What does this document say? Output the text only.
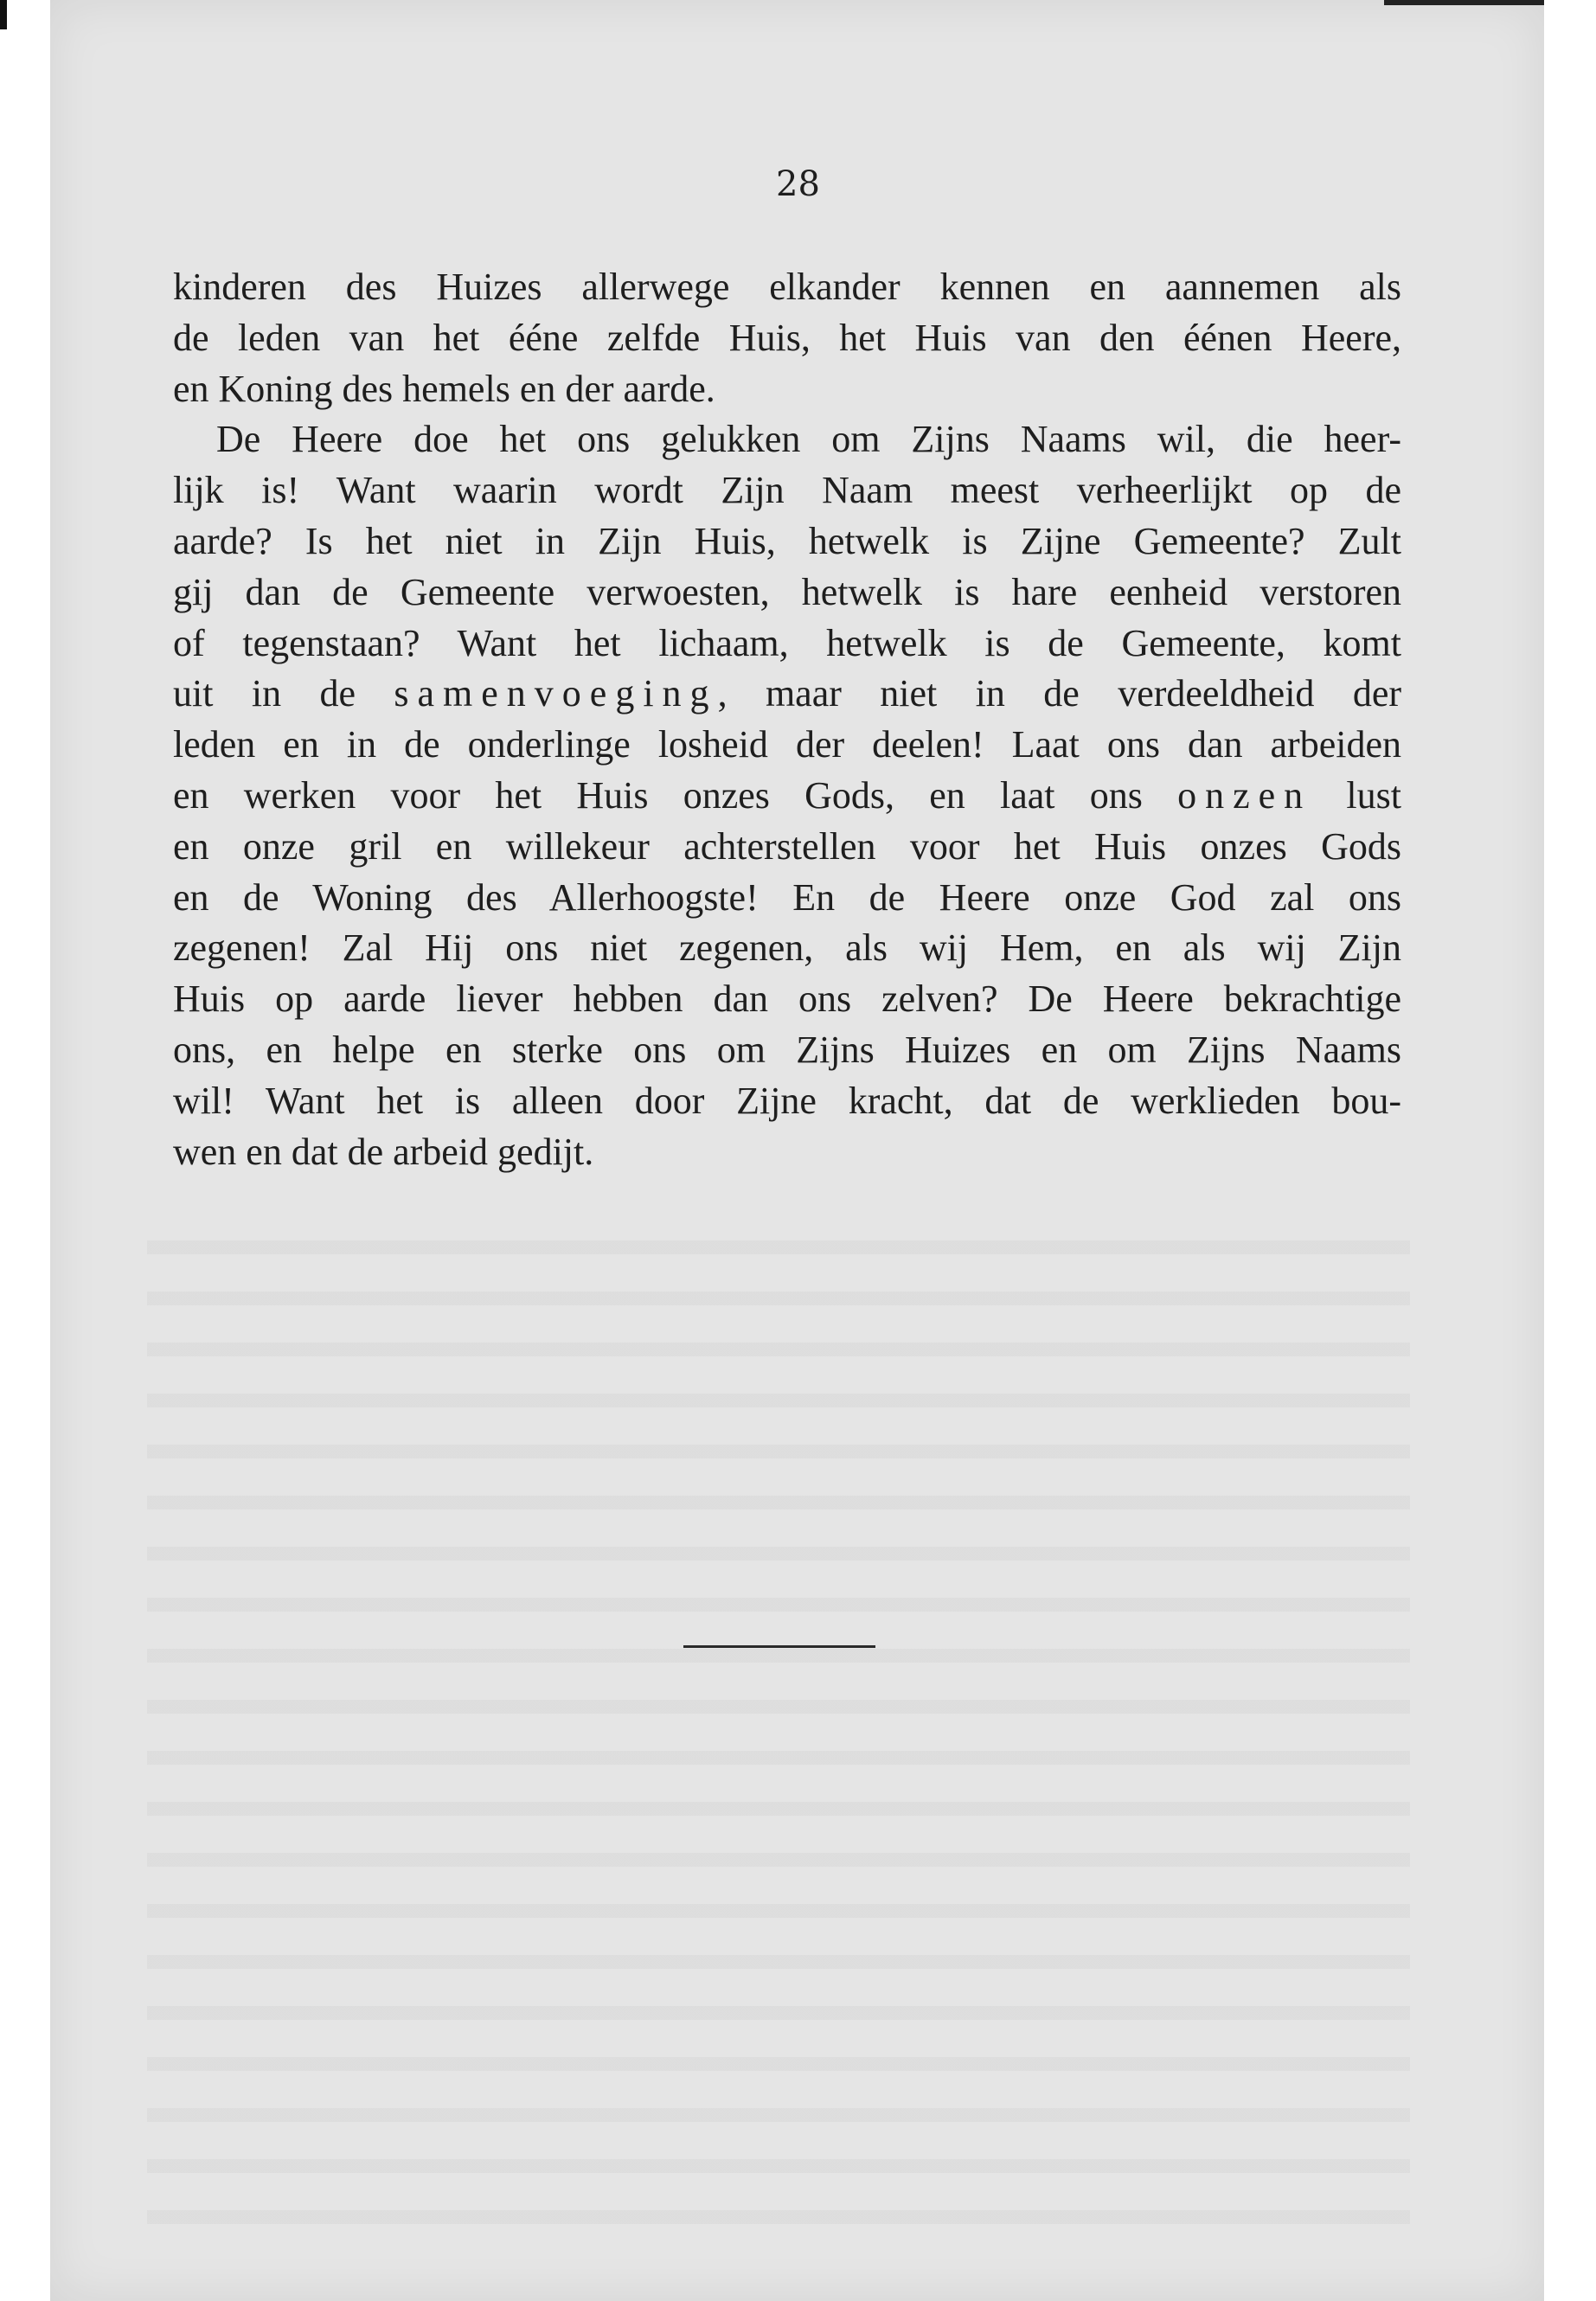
28

kinderen des Huizes allerwege elkander kennen en aannemen als

de leden van het ééne zelfde Huis, het Huis van den éénen Heere,

en Koning des hemels en der aarde.

De Heere doe het ons gelukken om Zijns Naams wil, die heer-

lijk is! Want waarin wordt Zijn Naam meest verheerlijkt op de

aarde? Is het niet in Zijn Huis, hetwelk is Zijne Gemeente? Zult

gij dan de Gemeente verwoesten, hetwelk is hare eenheid verstoren

of tegenstaan? Want het lichaam, hetwelk is de Gemeente, komt

uit in de samenvoeging, maar niet in de verdeeldheid der

leden en in de onderlinge losheid der deelen! Laat ons dan arbeiden

en werken voor het Huis onzes Gods, en laat ons onzen lust

en onze gril en willekeur achterstellen voor het Huis onzes Gods

en de Woning des Allerhoogste! En de Heere onze God zal ons

zegenen! Zal Hij ons niet zegenen, als wij Hem, en als wij Zijn

Huis op aarde liever hebben dan ons zelven? De Heere bekrachtige

ons, en helpe en sterke ons om Zijns Huizes en om Zijns Naams

wil! Want het is alleen door Zijne kracht, dat de werklieden bou-

wen en dat de arbeid gedijt.
